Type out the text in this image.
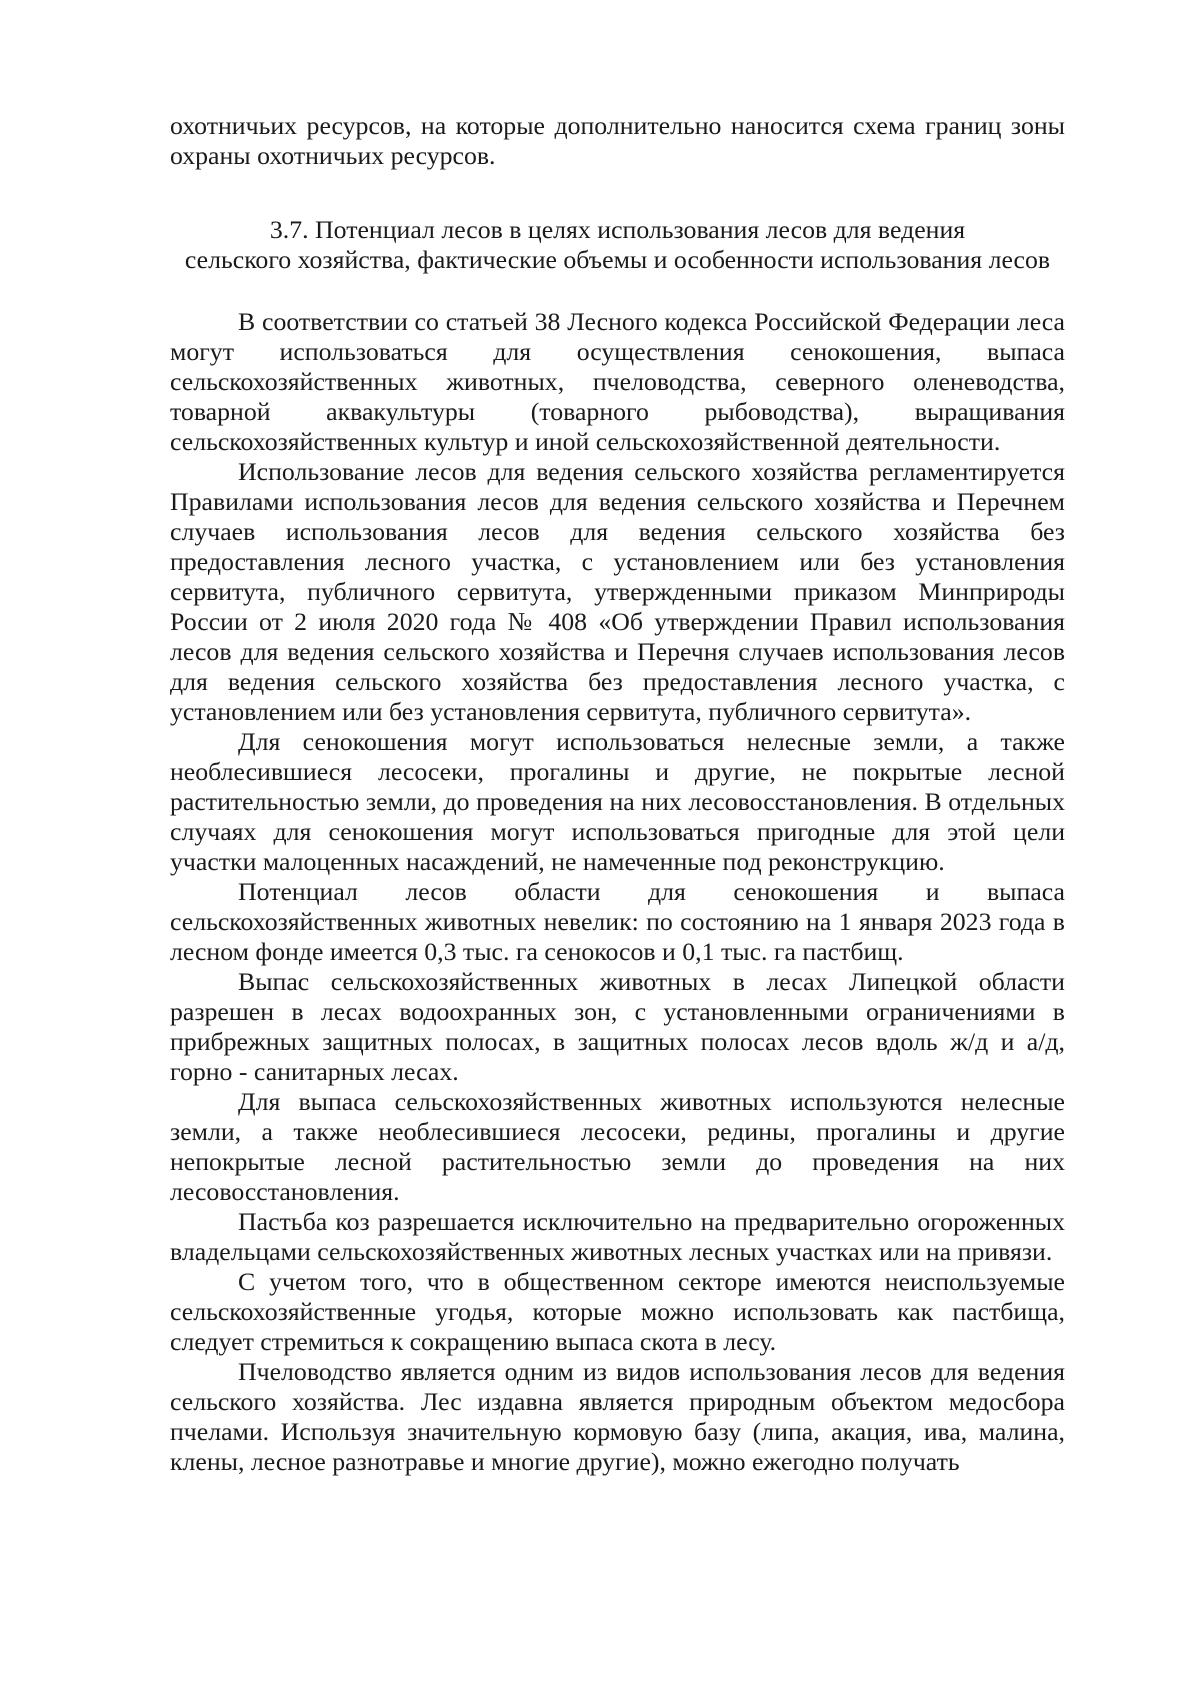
охотничьих ресурсов, на которые дополнительно наносится схема границ зоны охраны охотничьих ресурсов.

3.7. Потенциал лесов в целях использования лесов для ведения
сельского хозяйства, фактические объемы и особенности использования лесов

В соответствии со статьей 38 Лесного кодекса Российской Федерации леса могут использоваться для осуществления сенокошения, выпаса сельскохозяйственных животных, пчеловодства, северного оленеводства, товарной аквакультуры (товарного рыбоводства), выращивания сельскохозяйственных культур и иной сельскохозяйственной деятельности.

Использование лесов для ведения сельского хозяйства регламентируется Правилами использования лесов для ведения сельского хозяйства и Перечнем случаев использования лесов для ведения сельского хозяйства без предоставления лесного участка, с установлением или без установления сервитута, публичного сервитута, утвержденными приказом Минприроды России от 2 июля 2020 года № 408 «Об утверждении Правил использования лесов для ведения сельского хозяйства и Перечня случаев использования лесов для ведения сельского хозяйства без предоставления лесного участка, с установлением или без установления сервитута, публичного сервитута».

Для сенокошения могут использоваться нелесные земли, а также необлесившиеся лесосеки, прогалины и другие, не покрытые лесной растительностью земли, до проведения на них лесовосстановления. В отдельных случаях для сенокошения могут использоваться пригодные для этой цели участки малоценных насаждений, не намеченные под реконструкцию.

Потенциал лесов области для сенокошения и выпаса сельскохозяйственных животных невелик: по состоянию на 1 января 2023 года в лесном фонде имеется 0,3 тыс. га сенокосов и 0,1 тыс. га пастбищ.

Выпас сельскохозяйственных животных в лесах Липецкой области разрешен в лесах водоохранных зон, с установленными ограничениями в прибрежных защитных полосах, в защитных полосах лесов вдоль ж/д и а/д, горно - санитарных лесах.

Для выпаса сельскохозяйственных животных используются нелесные земли, а также необлесившиеся лесосеки, редины, прогалины и другие непокрытые лесной растительностью земли до проведения на них лесовосстановления.

Пастьба коз разрешается исключительно на предварительно огороженных владельцами сельскохозяйственных животных лесных участках или на привязи.

С учетом того, что в общественном секторе имеются неиспользуемые сельскохозяйственные угодья, которые можно использовать как пастбища, следует стремиться к сокращению выпаса скота в лесу.

Пчеловодство является одним из видов использования лесов для ведения сельского хозяйства. Лес издавна является природным объектом медосбора пчелами. Используя значительную кормовую базу (липа, акация, ива, малина, клены, лесное разнотравье и многие другие), можно ежегодно получать
